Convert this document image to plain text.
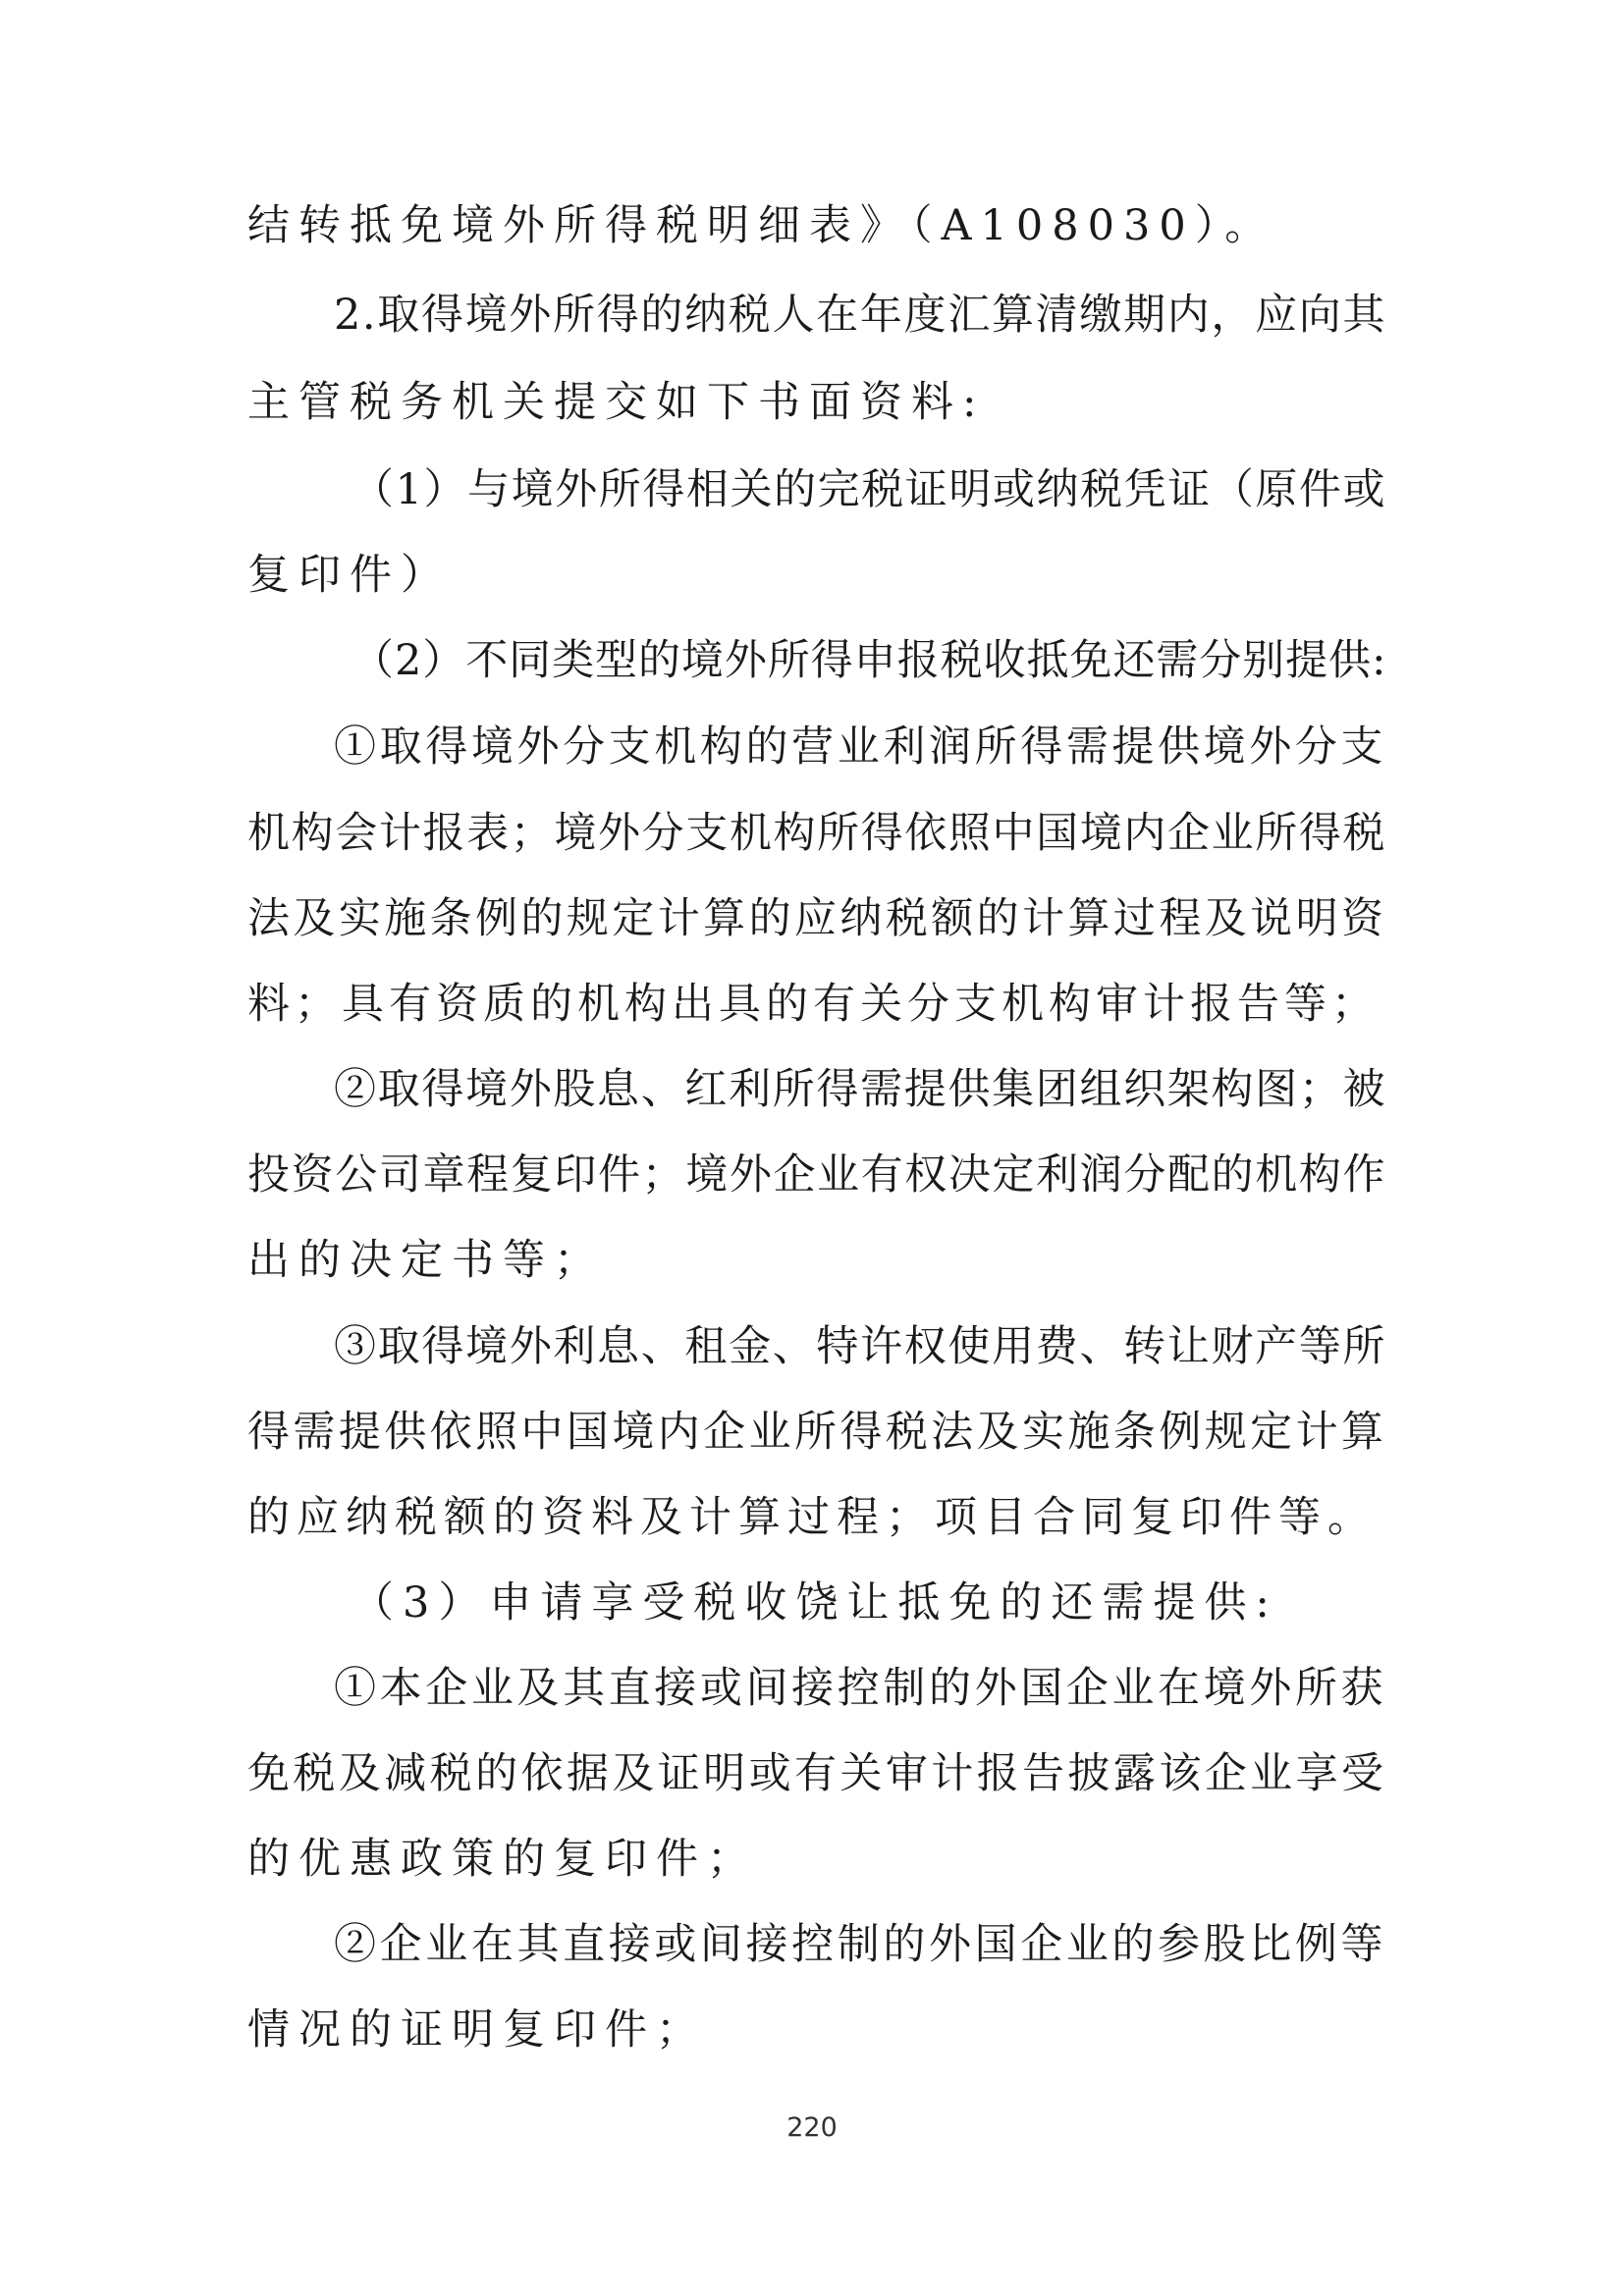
结转抵免境外所得税明细表》（A108030）。
2.取得境外所得的纳税人在年度汇算清缴期内，应向其
主管税务机关提交如下书面资料:
（1）与境外所得相关的完税证明或纳税凭证（原件或
复印件）
（2）不同类型的境外所得申报税收抵免还需分别提供:
①取得境外分支机构的营业利润所得需提供境外分支
机构会计报表；境外分支机构所得依照中国境内企业所得税
法及实施条例的规定计算的应纳税额的计算过程及说明资
料；具有资质的机构出具的有关分支机构审计报告等；
②取得境外股息、红利所得需提供集团组织架构图；被
投资公司章程复印件；境外企业有权决定利润分配的机构作
出的决定书等；
③取得境外利息、租金、特许权使用费、转让财产等所
得需提供依照中国境内企业所得税法及实施条例规定计算
的应纳税额的资料及计算过程；项目合同复印件等。
（3）申请享受税收饶让抵免的还需提供:
①本企业及其直接或间接控制的外国企业在境外所获
免税及减税的依据及证明或有关审计报告披露该企业享受
的优惠政策的复印件；
②企业在其直接或间接控制的外国企业的参股比例等
情况的证明复印件；
220
